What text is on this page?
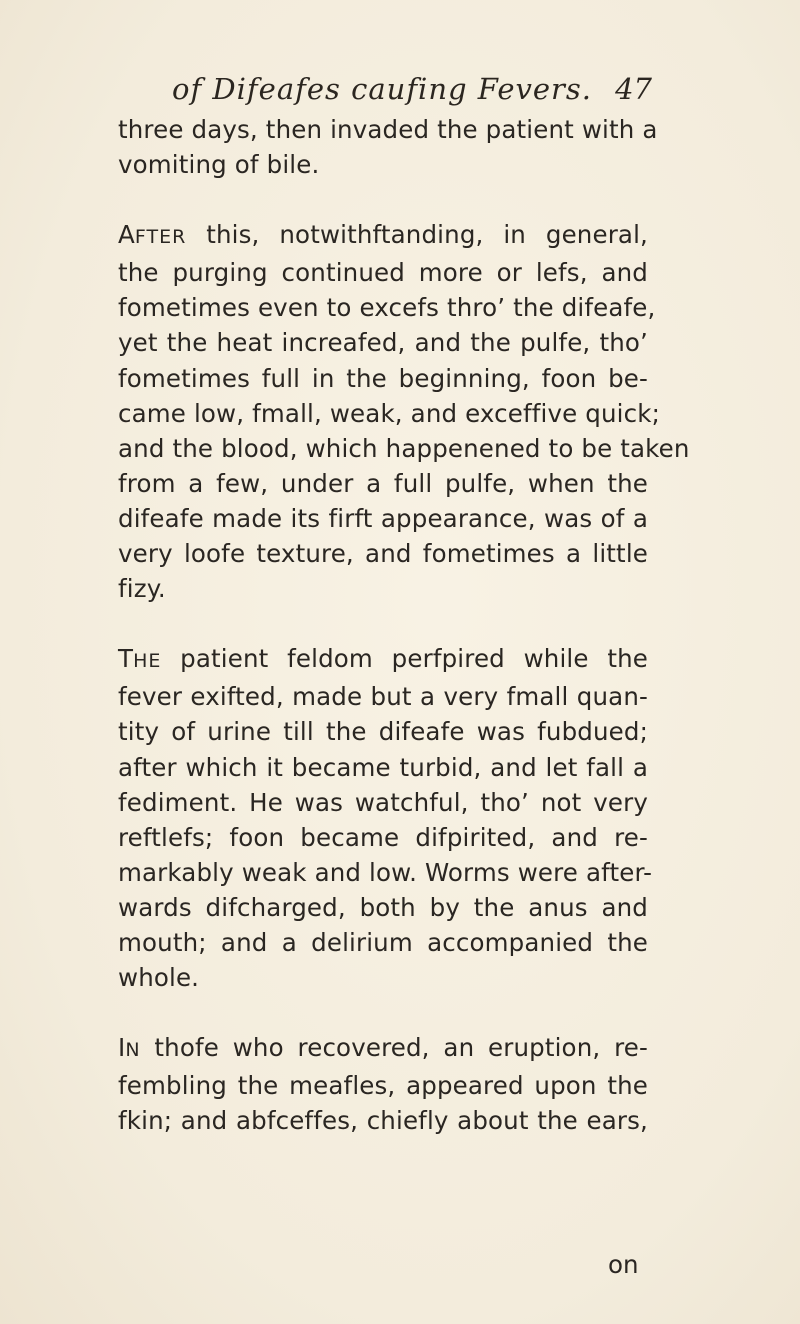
of Difeafes caufing Fevers. 47

three days, then invaded the patient with a
vomiting of bile.

AFTER this, notwithftanding, in general,
the purging continued more or lefs, and
fometimes even to excefs thro’ the difeafe,
yet the heat increafed, and the pulfe, tho’
fometimes full in the beginning, foon be-
came low, fmall, weak, and exceffive quick;
and the blood, which happenened to be taken
from a few, under a full pulfe, when the
difeafe made its firft appearance, was of a
very loofe texture, and fometimes a little
fizy.

THE patient feldom perfpired while the
fever exifted, made but a very fmall quan-
tity of urine till the difeafe was fubdued;
after which it became turbid, and let fall a
fediment. He was watchful, tho’ not very
reftlefs; foon became difpirited, and re-
markably weak and low. Worms were after-
wards difcharged, both by the anus and
mouth; and a delirium accompanied the
whole.

IN thofe who recovered, an eruption, re-
fembling the meafles, appeared upon the
fkin; and abfceffes, chiefly about the ears,

on
